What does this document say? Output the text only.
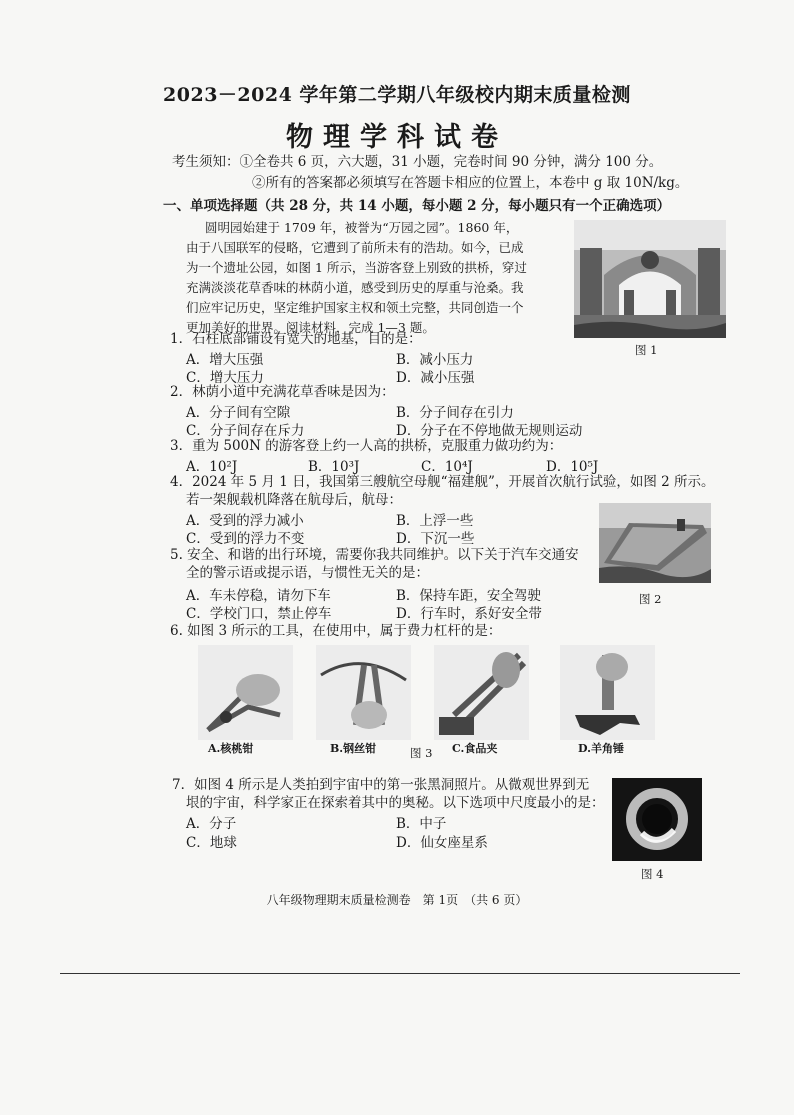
2023－2024 学年第二学期八年级校内期末质量检测
物理学科试卷
考生须知：①全卷共 6 页，六大题，31 小题，完卷时间 90 分钟，满分 100 分。
②所有的答案都必须填写在答题卡相应的位置上，本卷中 g 取 10N/kg。
一、单项选择题（共 28 分，共 14 小题，每小题 2 分，每小题只有一个正确选项）
圆明园始建于 1709 年，被誉为“万园之园”。1860 年，
由于八国联军的侵略，它遭到了前所未有的浩劫。如今，已成
为一个遗址公园，如图 1 所示，当游客登上别致的拱桥，穿过
充满淡淡花草香味的林荫小道，感受到历史的厚重与沧桑。我
们应牢记历史，坚定维护国家主权和领土完整，共同创造一个
更加美好的世界。阅读材料，完成 1—3 题。
图 1
1．石柱底部铺设有宽大的地基，目的是：
A．增大压强	B．减小压力
C．增大压力	D．减小压强
2．林荫小道中充满花草香味是因为：
A．分子间有空隙	B．分子间存在引力
C．分子间存在斥力	D．分子在不停地做无规则运动
3．重为 500N 的游客登上约一人高的拱桥，克服重力做功约为：
A．10²J	B．10³J	C．10⁴J	D．10⁵J
4．2024 年 5 月 1 日，我国第三艘航空母舰“福建舰”，开展首次航行试验，如图 2 所示。
若一架舰载机降落在航母后，航母：
A．受到的浮力减小	B．上浮一些
C．受到的浮力不变	D．下沉一些
图 2
5. 安全、和谐的出行环境，需要你我共同维护。以下关于汽车交通安
全的警示语或提示语，与惯性无关的是：
A．车未停稳，请勿下车	B．保持车距，安全驾驶
C．学校门口，禁止停车	D．行车时，系好安全带
6. 如图 3 所示的工具，在使用中，属于费力杠杆的是：
A.核桃钳	B.钢丝钳	图 3 C.食品夹	D.羊角锤
7．如图 4 所示是人类拍到宇宙中的第一张黑洞照片。从微观世界到无
垠的宇宙，科学家正在探索着其中的奥秘。以下选项中尺度最小的是：
A．分子	B．中子
C．地球	D．仙女座星系
图 4
八年级物理期末质量检测卷　第 1页　（共 6 页）
